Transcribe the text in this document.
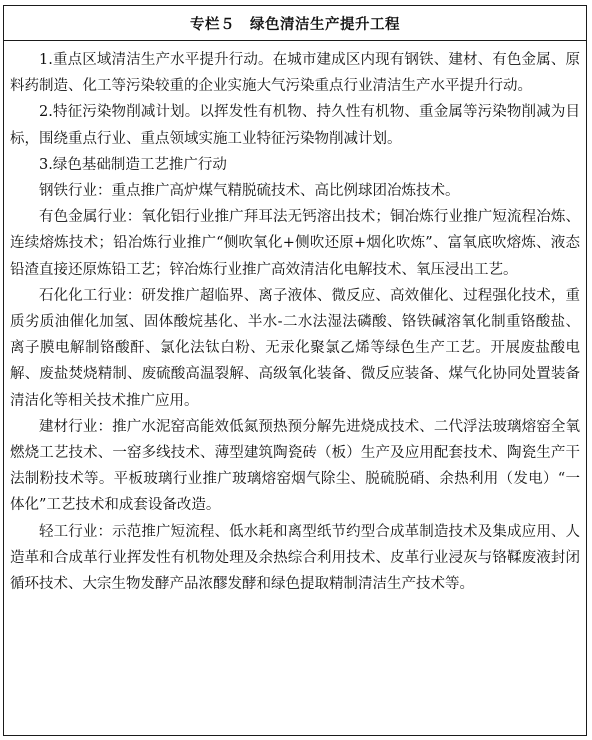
专栏５　绿色清洁生产提升工程

1.重点区域清洁生产水平提升行动。在城市建成区内现有钢铁、建材、有色金属、原料药制造、化工等污染较重的企业实施大气污染重点行业清洁生产水平提升行动。

2.特征污染物削减计划。以挥发性有机物、持久性有机物、重金属等污染物削减为目标，围绕重点行业、重点领域实施工业特征污染物削减计划。

3.绿色基础制造工艺推广行动

钢铁行业：重点推广高炉煤气精脱硫技术、高比例球团冶炼技术。

有色金属行业：氧化铝行业推广拜耳法无钙溶出技术；铜冶炼行业推广短流程冶炼、连续熔炼技术；铅冶炼行业推广“侧吹氧化+侧吹还原+烟化吹炼”、富氧底吹熔炼、液态铅渣直接还原炼铅工艺；锌冶炼行业推广高效清洁化电解技术、氧压浸出工艺。

石化化工行业：研发推广超临界、离子液体、微反应、高效催化、过程强化技术，重质劣质油催化加氢、固体酸烷基化、半水-二水法湿法磷酸、铬铁碱溶氧化制重铬酸盐、离子膜电解制铬酸酐、氯化法钛白粉、无汞化聚氯乙烯等绿色生产工艺。开展废盐酸电解、废盐焚烧精制、废硫酸高温裂解、高级氧化装备、微反应装备、煤气化协同处置装备清洁化等相关技术推广应用。

建材行业：推广水泥窑高能效低氮预热预分解先进烧成技术、二代浮法玻璃熔窑全氧燃烧工艺技术、一窑多线技术、薄型建筑陶瓷砖（板）生产及应用配套技术、陶瓷生产干法制粉技术等。平板玻璃行业推广玻璃熔窑烟气除尘、脱硫脱硝、余热利用（发电）“一体化”工艺技术和成套设备改造。

轻工行业：示范推广短流程、低水耗和离型纸节约型合成革制造技术及集成应用、人造革和合成革行业挥发性有机物处理及余热综合利用技术、皮革行业浸灰与铬鞣废液封闭循环技术、大宗生物发酵产品浓醪发酵和绿色提取精制清洁生产技术等。
